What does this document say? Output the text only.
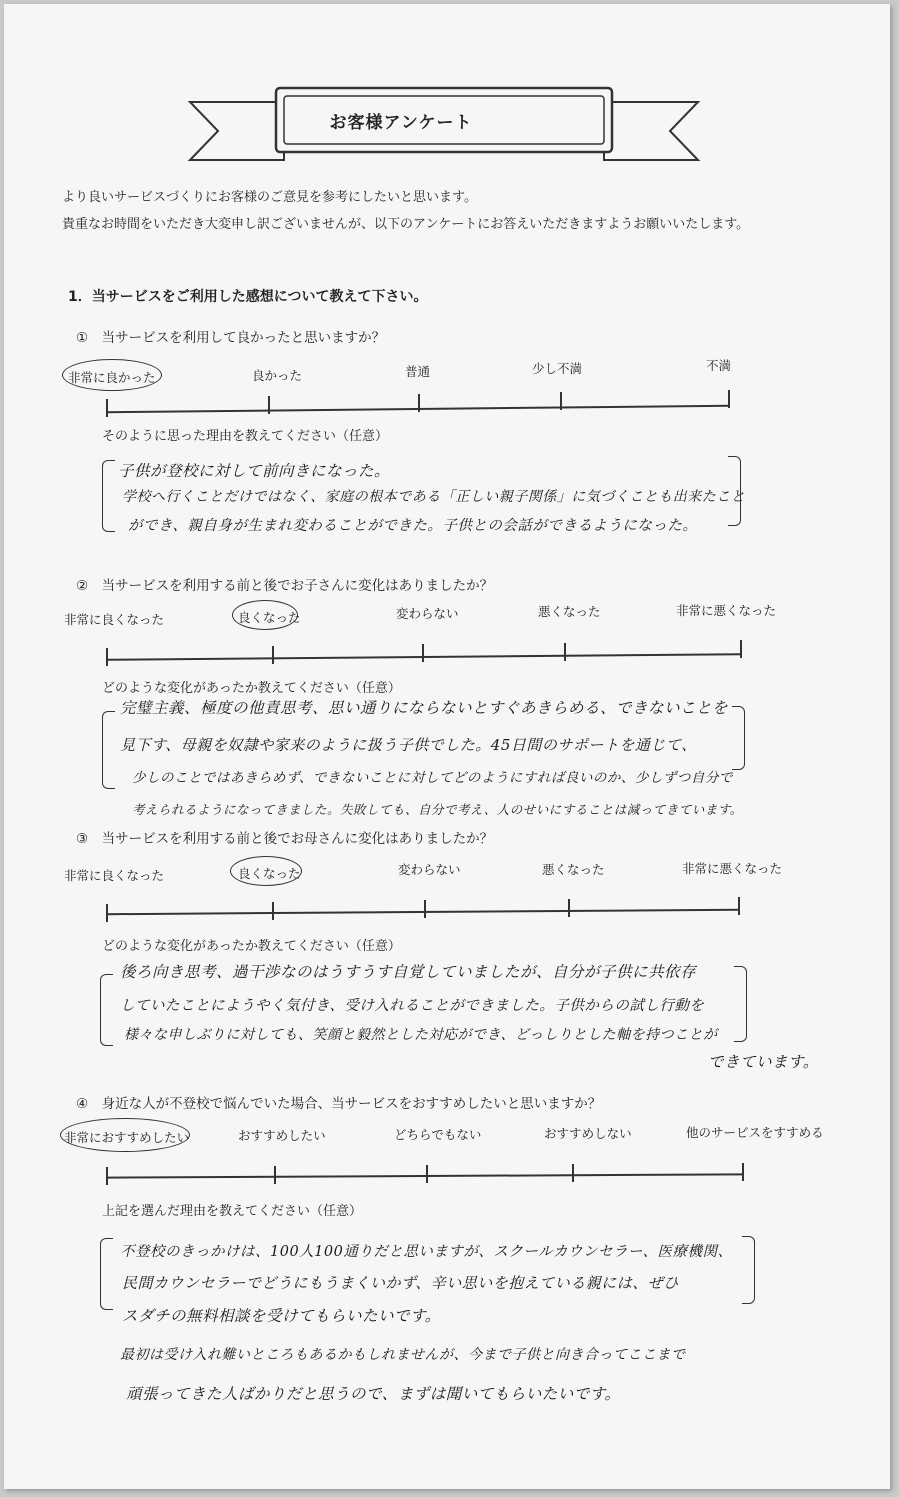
お客様アンケート
より良いサービスづくりにお客様のご意見を参考にしたいと思います。
貴重なお時間をいただき大変申し訳ございませんが、以下のアンケートにお答えいただきますようお願いいたします。
1．当サービスをご利用した感想について教えて下さい。
①　当サービスを利用して良かったと思いますか？
非常に良かった	良かった	普通	少し不満	不満
そのように思った理由を教えてください（任意）
子供が登校に対して前向きになった。
学校へ行くことだけではなく、家庭の根本である「正しい親子関係」に気づくことも出来たこと
ができ、親自身が生まれ変わることができた。子供との会話ができるようになった。
②　当サービスを利用する前と後でお子さんに変化はありましたか？
非常に良くなった	良くなった	変わらない	悪くなった	非常に悪くなった
どのような変化があったか教えてください（任意）
完璧主義、極度の他責思考、思い通りにならないとすぐあきらめる、できないことを
見下す、母親を奴隷や家来のように扱う子供でした。45日間のサポートを通じて、
少しのことではあきらめず、できないことに対してどのようにすれば良いのか、少しずつ自分で
考えられるようになってきました。失敗しても、自分で考え、人のせいにすることは減ってきています。
③　当サービスを利用する前と後でお母さんに変化はありましたか？
非常に良くなった	良くなった	変わらない	悪くなった	非常に悪くなった
どのような変化があったか教えてください（任意）
後ろ向き思考、過干渉なのはうすうす自覚していましたが、自分が子供に共依存
していたことにようやく気付き、受け入れることができました。子供からの試し行動を
様々な申しぶりに対しても、笑顔と毅然とした対応ができ、どっしりとした軸を持つことが
できています。
④　身近な人が不登校で悩んでいた場合、当サービスをおすすめしたいと思いますか？
非常におすすめしたい	おすすめしたい	どちらでもない	おすすめしない	他のサービスをすすめる
上記を選んだ理由を教えてください（任意）
不登校のきっかけは、100人100通りだと思いますが、スクールカウンセラー、医療機関、
民間カウンセラーでどうにもうまくいかず、辛い思いを抱えている親には、ぜひ
スダチの無料相談を受けてもらいたいです。
最初は受け入れ難いところもあるかもしれませんが、今まで子供と向き合ってここまで
頑張ってきた人ばかりだと思うので、まずは聞いてもらいたいです。
